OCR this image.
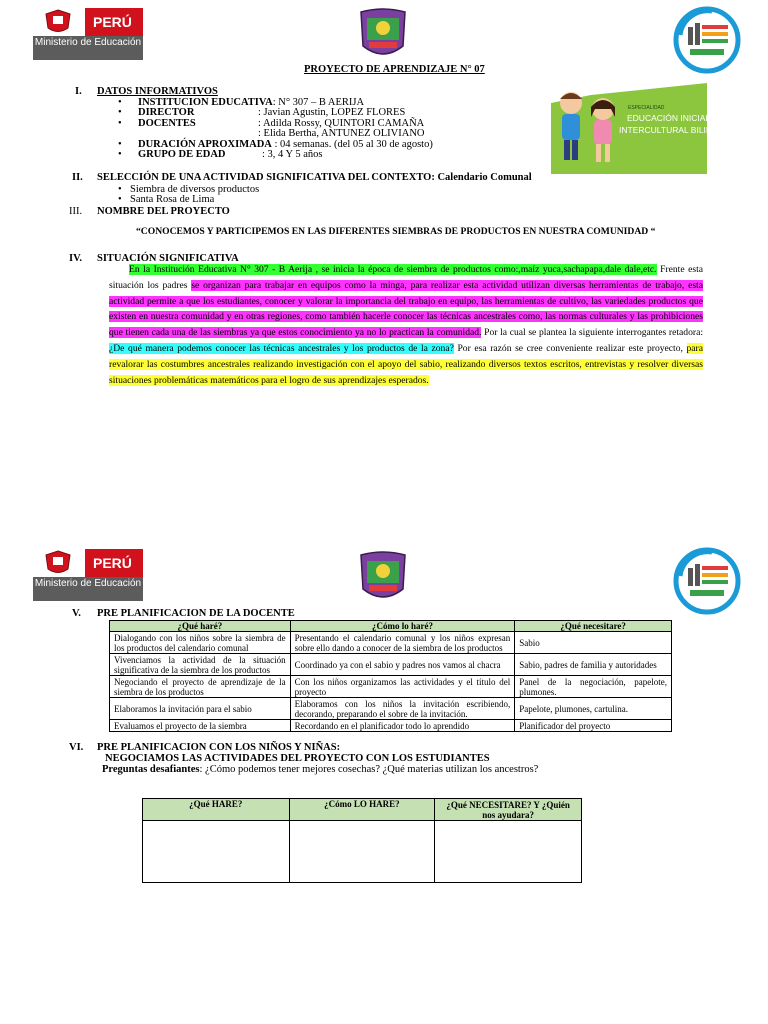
PERÚ
Ministerio de Educación
PROYECTO DE APRENDIZAJE N° 07
I. DATOS INFORMATIVOS
• INSTITUCION EDUCATIVA: N° 307 – B AERIJA
• DIRECTOR	: Javian Agustin, LOPEZ FLORES
• DOCENTES	: Adilda Rossy, QUINTORI CAMAÑA
: Elida Bertha, ANTUNEZ OLIVIANO
• DURACIÓN APROXIMADA : 04 semanas. (del 05 al 30 de agosto)
• GRUPO DE EDAD	: 3, 4 Y 5 años
ESPECIALIDAD
EDUCACIÓN INICIAL
INTERCULTURAL BILINGÜE
II. SELECCIÓN DE UNA ACTIVIDAD SIGNIFICATIVA DEL CONTEXTO: Calendario Comunal
• Siembra de diversos productos
• Santa Rosa de Lima
III. NOMBRE DEL PROYECTO
“CONOCEMOS Y PARTICIPEMOS EN LAS DIFERENTES SIEMBRAS DE PRODUCTOS EN NUESTRA COMUNIDAD “
IV. SITUACIÓN SIGNIFICATIVA
En la Institución Educativa N° 307 - B Aerija , se inicia la época de siembra de productos como:,maíz yuca,sachapapa,dale dale,etc. Frente esta situación los padres se organizan para trabajar en equipos como la minga, para realizar esta actividad utilizan diversas herramientas de trabajo, esta actividad permite a que los estudiantes, conocer y valorar la importancia del trabajo en equipo, las herramientas de cultivo, las variedades productos que existen en nuestra comunidad y en otras regiones, como también hacerle conocer las técnicas ancestrales como, las normas culturales y las prohibiciones que tienen cada una de las siembras ya que estos conocimiento ya no lo practican la comunidad. Por la cual se plantea la siguiente interrogantes retadora: ¿De qué manera podemos conocer las técnicas ancestrales y los productos de la zona? Por esa razón se cree conveniente realizar este proyecto, para revalorar las costumbres ancestrales realizando investigación con el apoyo del sabio, realizando diversos textos escritos, entrevistas y resolver diversas situaciones problemáticas matemáticos para el logro de sus aprendizajes esperados.
PERÚ
Ministerio de Educación
V. PRE PLANIFICACION DE LA DOCENTE
¿Qué haré?	¿Cómo lo haré?	¿Qué necesitare?
Dialogando con los niños sobre la siembra de los productos del calendario comunal	Presentando el calendario comunal y los niños expresan sobre ello dando a conocer de la siembra de los productos	Sabio
Vivenciamos la actividad de la situación significativa de la siembra de los productos	Coordinado ya con el sabio y padres nos vamos al chacra	Sabio, padres de familia y autoridades
Negociando el proyecto de aprendizaje de la siembra de los productos	Con los niños organizamos las actividades y el título del proyecto	Panel de la negociación, papelote, plumones.
Elaboramos la invitación para el sabio	Elaboramos con los niños la invitación escribiendo, decorando, preparando el sobre de la invitación.	Papelote, plumones, cartulina.
Evaluamos el proyecto de la siembra	Recordando en el planificador todo lo aprendido	Planificador del proyecto
VI. PRE PLANIFICACION CON LOS NIÑOS Y NIÑAS:
NEGOCIAMOS LAS ACTIVIDADES DEL PROYECTO CON LOS ESTUDIANTES
Preguntas desafiantes: ¿Cómo podemos tener mejores cosechas? ¿Qué materias utilizan los ancestros?
¿Qué HARE?	¿Cómo LO HARE?	¿Qué NECESITARE? Y ¿Quién nos ayudara?
